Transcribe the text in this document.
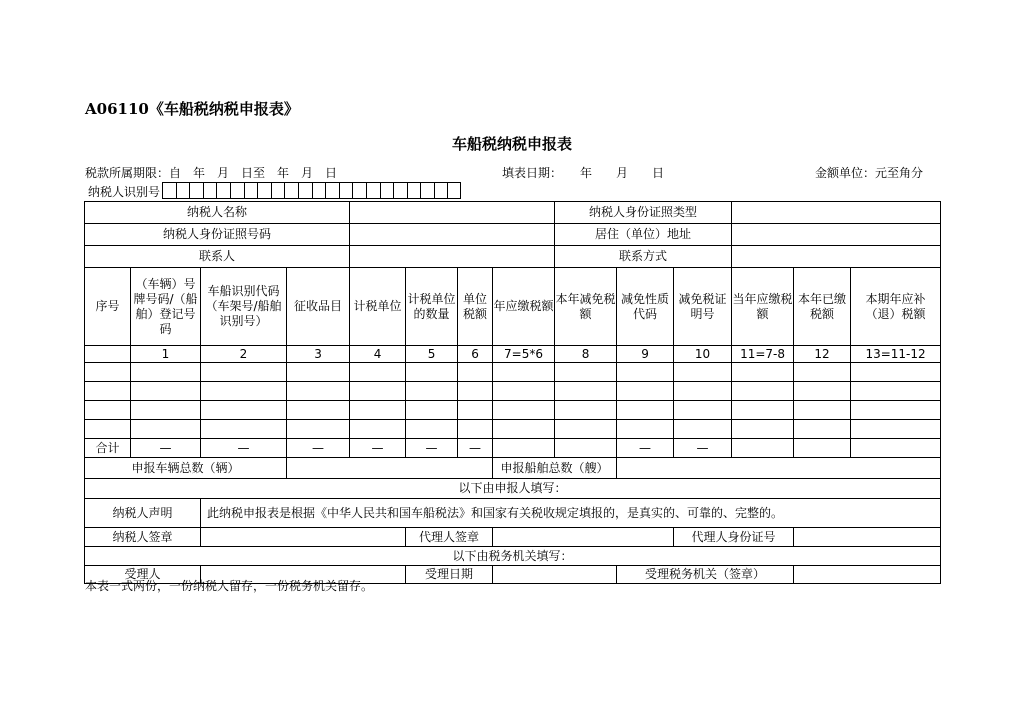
A06110《车船税纳税申报表》
车船税纳税申报表
税款所属期限：自　年　月　日至　年　月　日	填表日期：　　年　　月　　日	金额单位：元至角分
纳税人识别号
纳税人名称								纳税人身份证照类型					
纳税人身份证照号码								居住（单位）地址					
联系人								联系方式					
序号	（车辆）号牌号码/（船舶）登记号码	车船识别代码（车架号/船舶识别号）	征收品目	计税单位	计税单位的数量	单位税额	年应缴税额	本年减免税额	减免性质代码	减免税证明号	当年应缴税额	本年已缴税额	本期年应补（退）税额
	1	2	3	4	5	6	7=5*6	8	9	10	11=7-8	12	13=11-12

合计	—	—	—	—	—	—			—	—			
申报车辆总数（辆）							申报船舶总数（艘）						
以下由申报人填写：													
纳税人声明		此纳税申报表是根据《中华人民共和国车船税法》和国家有关税收规定填报的，是真实的、可靠的、完整的。											
纳税人签章					代理人签章					代理人身份证号			
以下由税务机关填写：													
受理人					受理日期				受理税务机关（签章）				
本表一式两份，一份纳税人留存，一份税务机关留存。
